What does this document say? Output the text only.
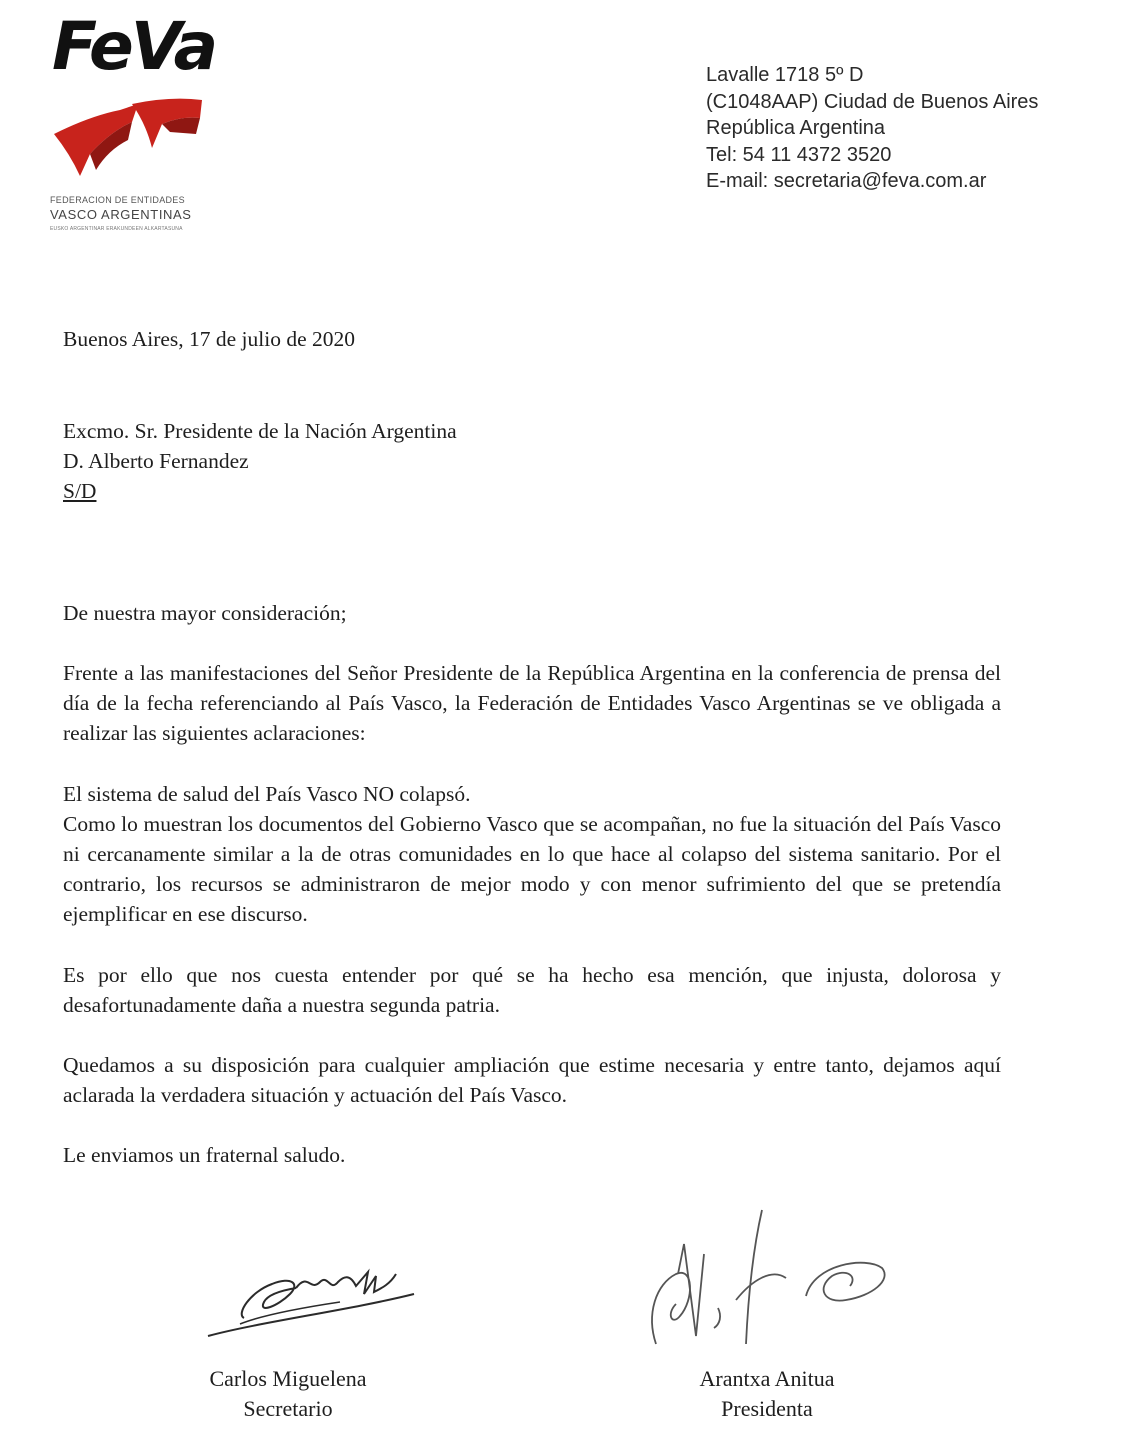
FeVa
FEDERACION DE ENTIDADES
VASCO ARGENTINAS
EUSKO ARGENTINAR ERAKUNDEEN ALKARTASUNA
Lavalle 1718 5º D
(C1048AAP) Ciudad de Buenos Aires
República Argentina
Tel: 54 11 4372 3520
E-mail: secretaria@feva.com.ar
Buenos Aires, 17 de julio de 2020
Excmo. Sr. Presidente de la Nación Argentina
D. Alberto Fernandez
S/D
De nuestra mayor consideración;

Frente a las manifestaciones del Señor Presidente de la República Argentina en la conferencia de prensa del día de la fecha referenciando al País Vasco, la Federación de Entidades Vasco Argentinas se ve obligada a realizar las siguientes aclaraciones:

El sistema de salud del País Vasco NO colapsó.

Como lo muestran los documentos del Gobierno Vasco que se acompañan, no fue la situación del País Vasco ni cercanamente similar a la de otras comunidades en lo que hace al colapso del sistema sanitario. Por el contrario, los recursos se administraron de mejor modo y con menor sufrimiento del que se pretendía ejemplificar en ese discurso.

Es por ello que nos cuesta entender por qué se ha hecho esa mención, que injusta, dolorosa y desafortunadamente daña a nuestra segunda patria.

Quedamos a su disposición para cualquier ampliación que estime necesaria y entre tanto, dejamos aquí aclarada la verdadera situación y actuación del País Vasco.

Le enviamos un fraternal saludo.

Carlos Miguelena
Secretario
Arantxa Anitua
Presidenta
